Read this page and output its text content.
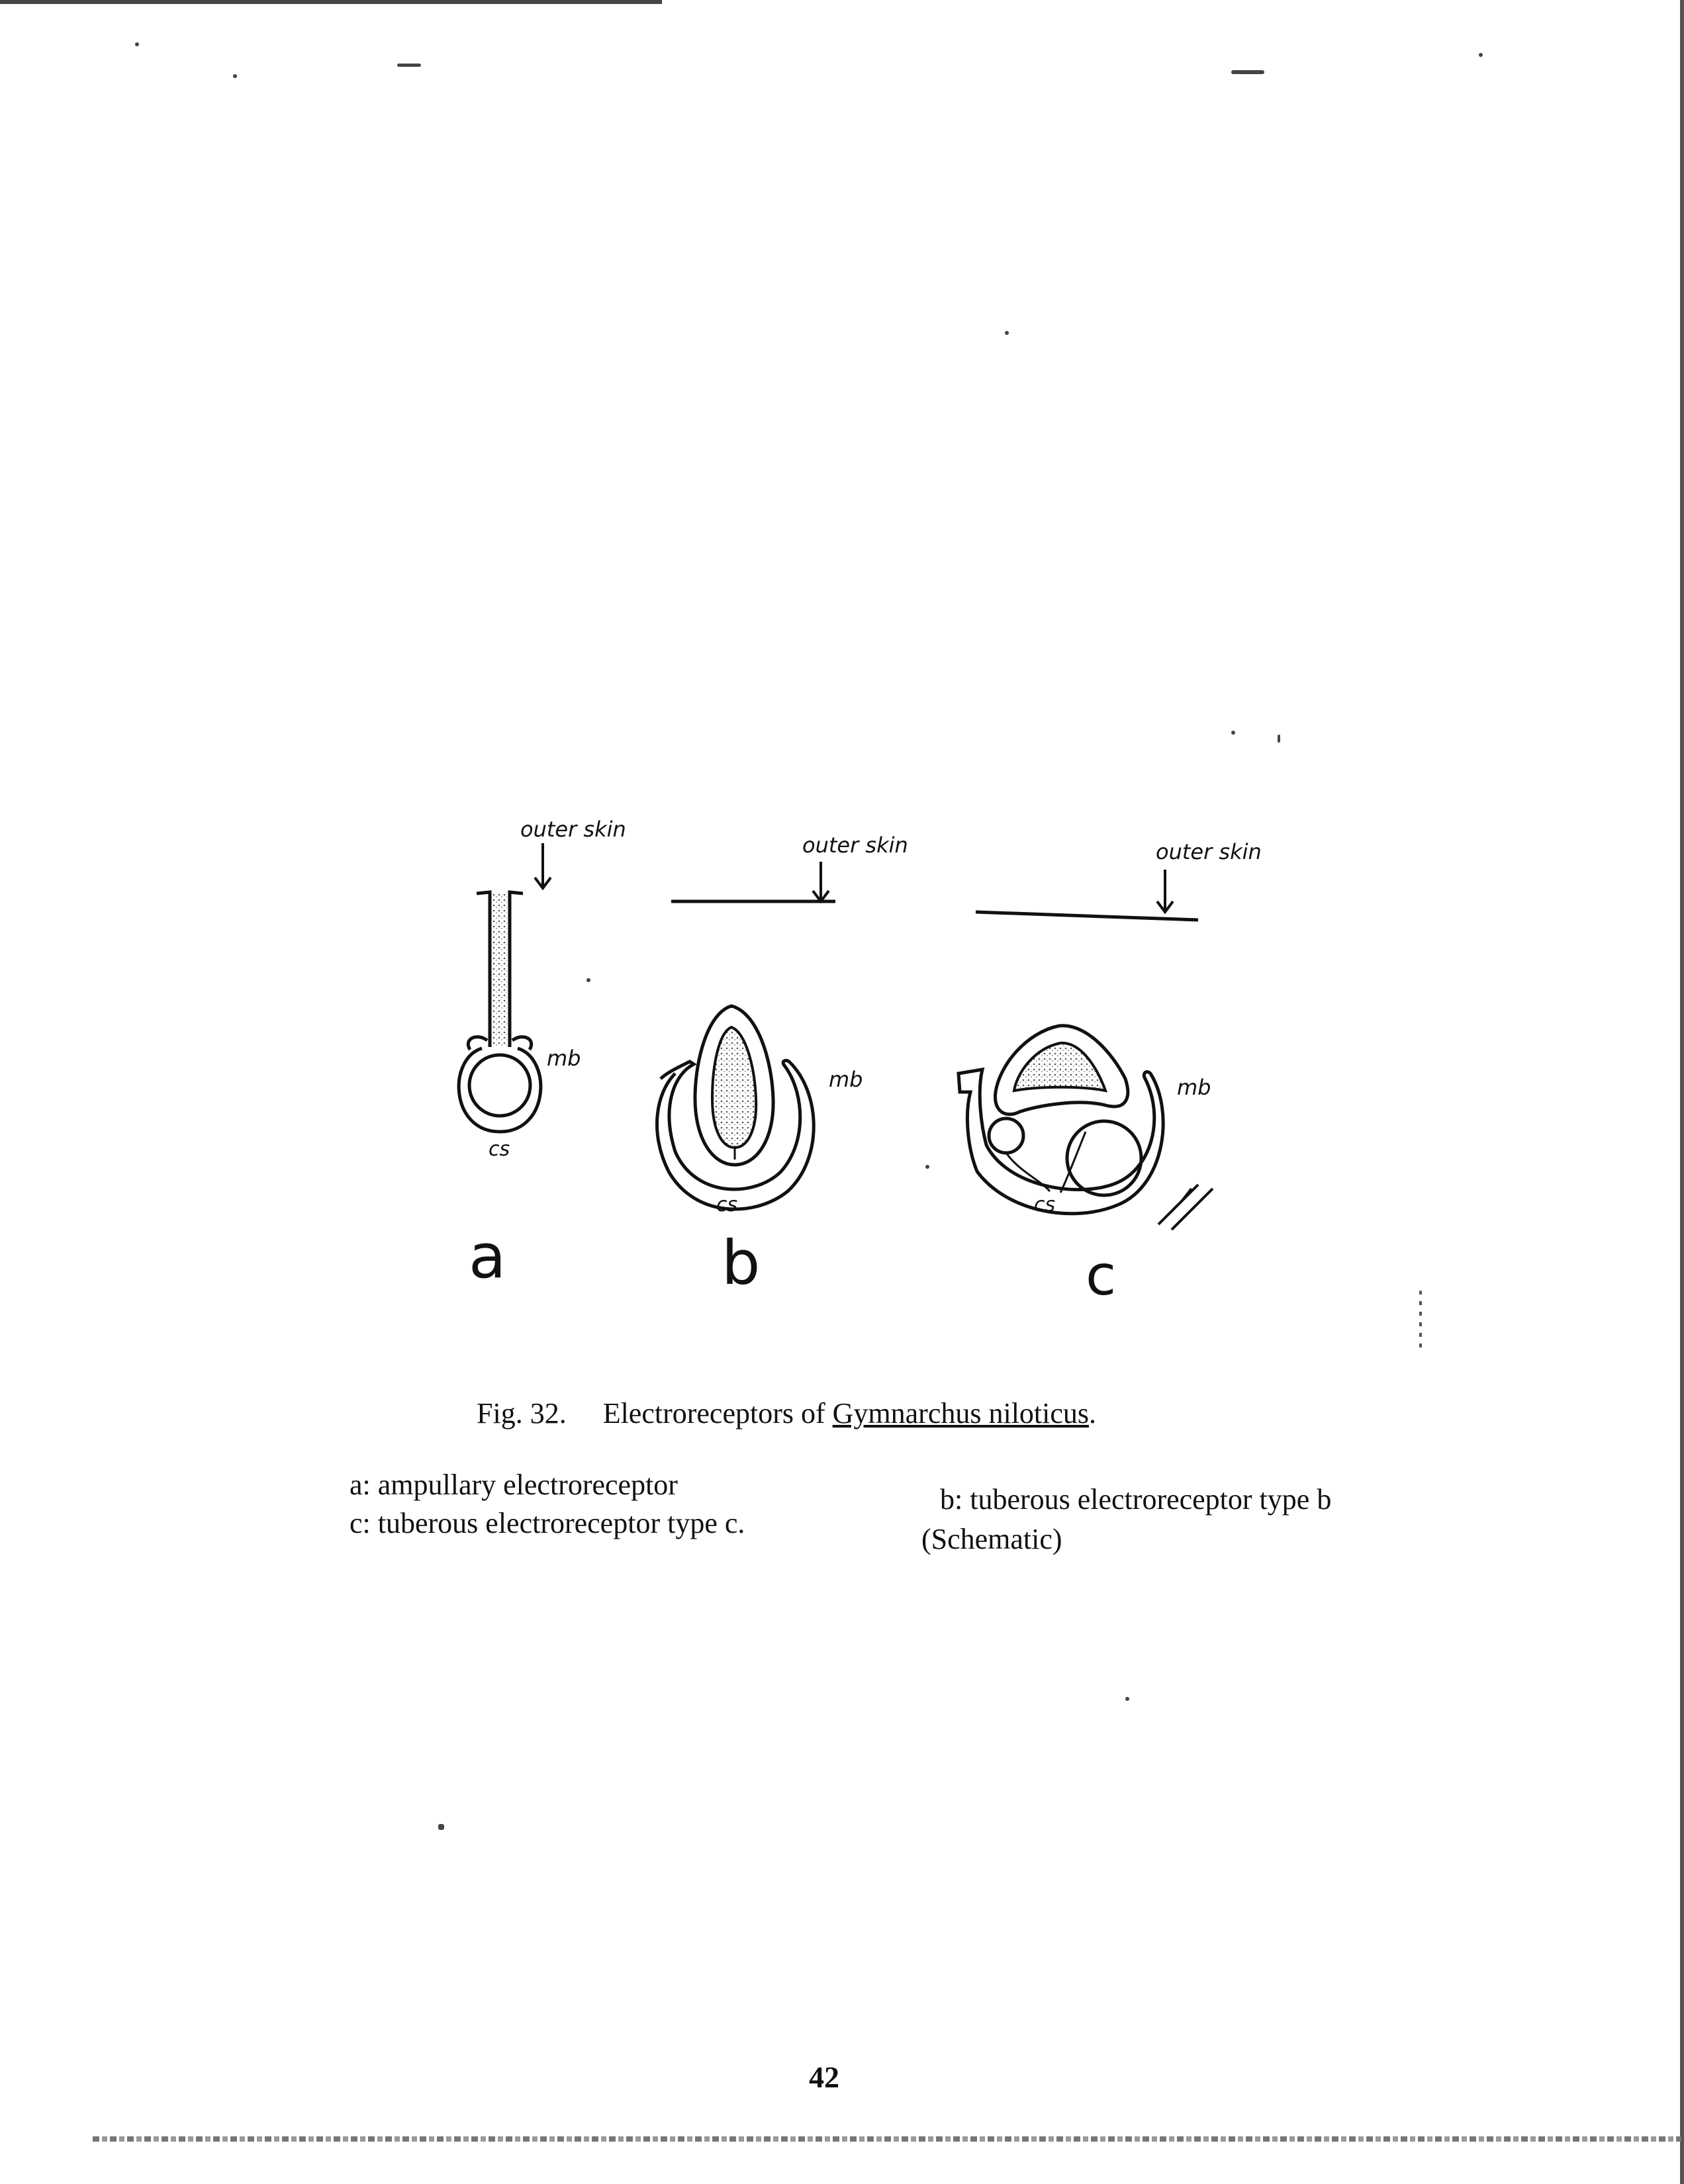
outer skin
mb
cs
a
outer skin
mb
cs
b
outer skin
mb
cs
c
Fig. 32. Electroreceptors of Gymnarchus niloticus.
a: ampullary electroreceptor	b: tuberous electroreceptor type b
c: tuberous electroreceptor type c.	(Schematic)
42
